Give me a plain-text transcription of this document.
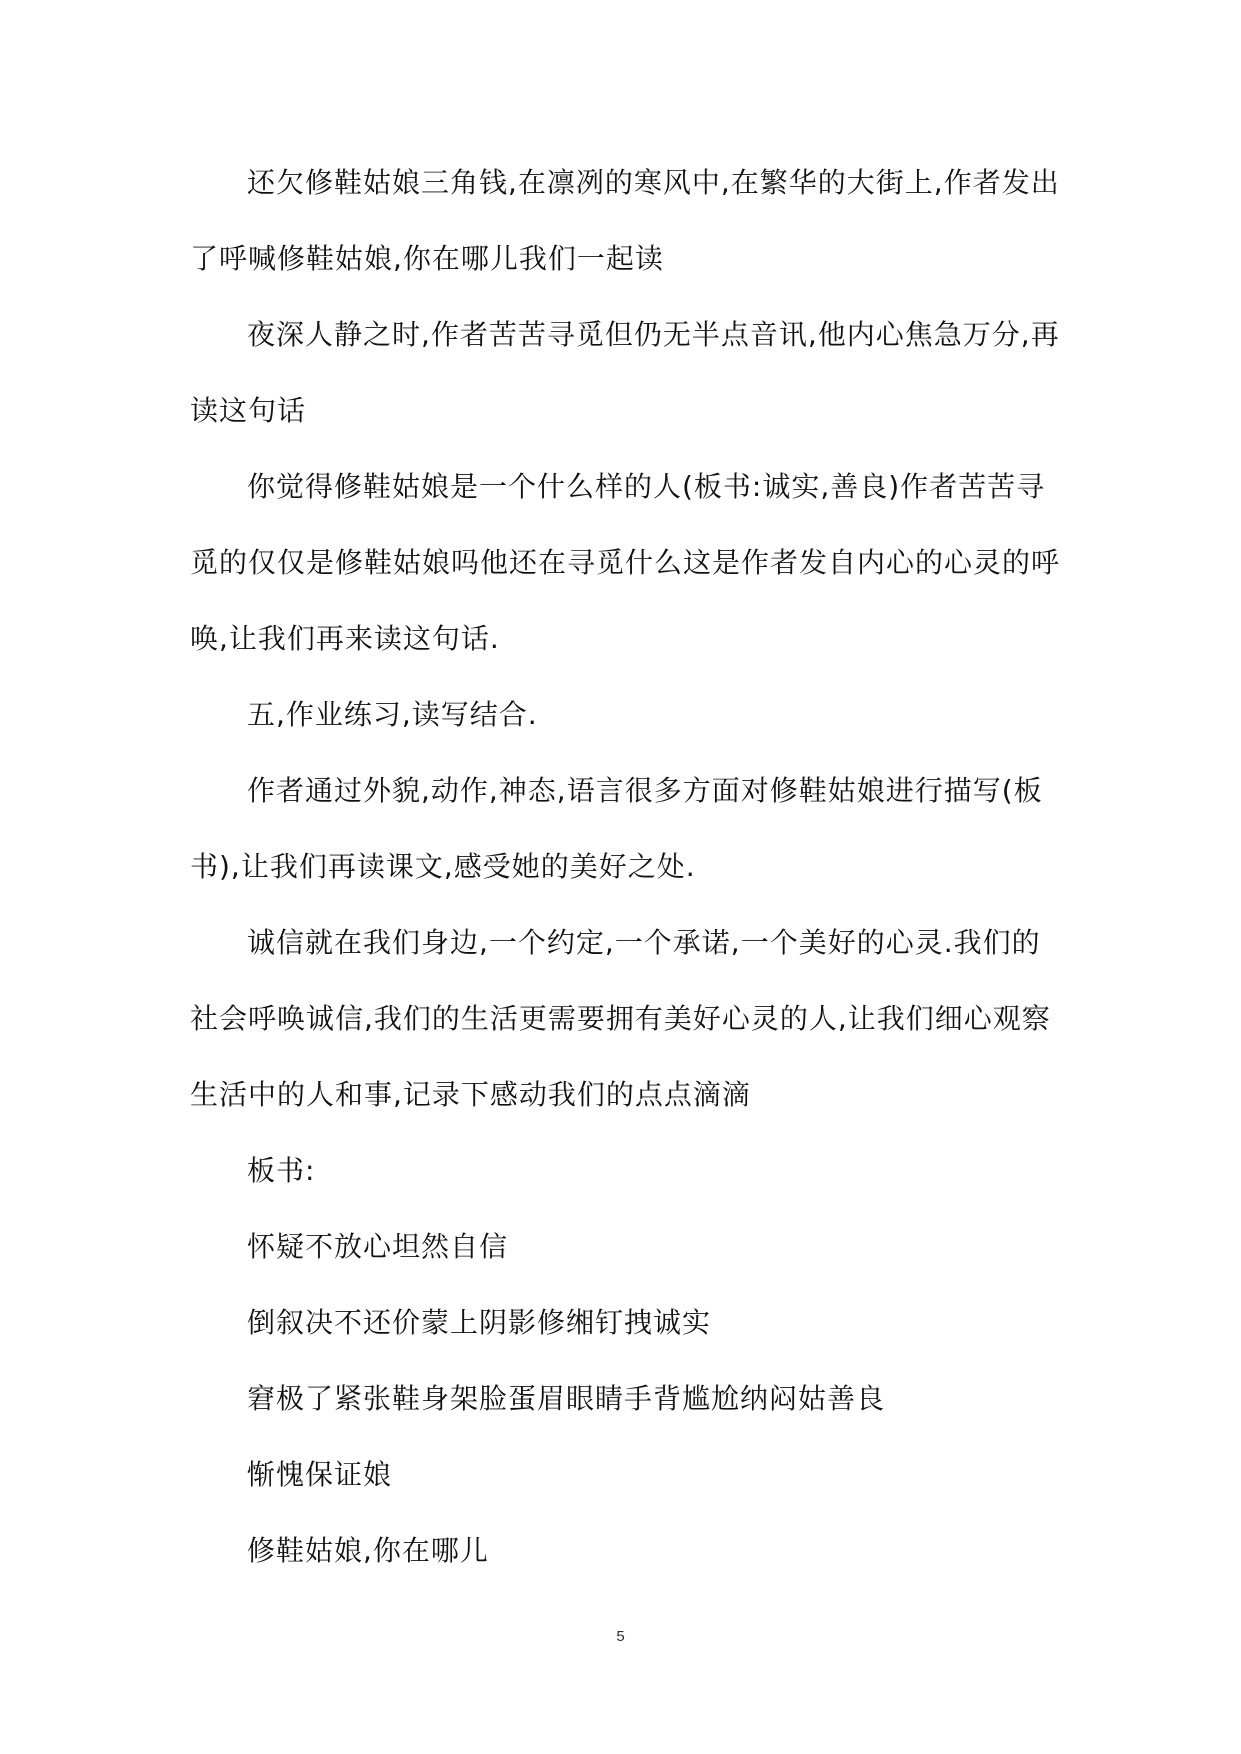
还欠修鞋姑娘三角钱,在凛冽的寒风中,在繁华的大街上,作者发出了呼喊修鞋姑娘,你在哪儿我们一起读

夜深人静之时,作者苦苦寻觅但仍无半点音讯,他内心焦急万分,再读这句话

你觉得修鞋姑娘是一个什么样的人(板书:诚实,善良)作者苦苦寻觅的仅仅是修鞋姑娘吗他还在寻觅什么这是作者发自内心的心灵的呼唤,让我们再来读这句话.

五,作业练习,读写结合.

作者通过外貌,动作,神态,语言很多方面对修鞋姑娘进行描写(板书),让我们再读课文,感受她的美好之处.

诚信就在我们身边,一个约定,一个承诺,一个美好的心灵.我们的社会呼唤诚信,我们的生活更需要拥有美好心灵的人,让我们细心观察生活中的人和事,记录下感动我们的点点滴滴

板书:

怀疑不放心坦然自信

倒叙决不还价蒙上阴影修缃钉拽诚实

窘极了紧张鞋身架脸蛋眉眼睛手背尴尬纳闷姑善良

惭愧保证娘

修鞋姑娘,你在哪儿

5
